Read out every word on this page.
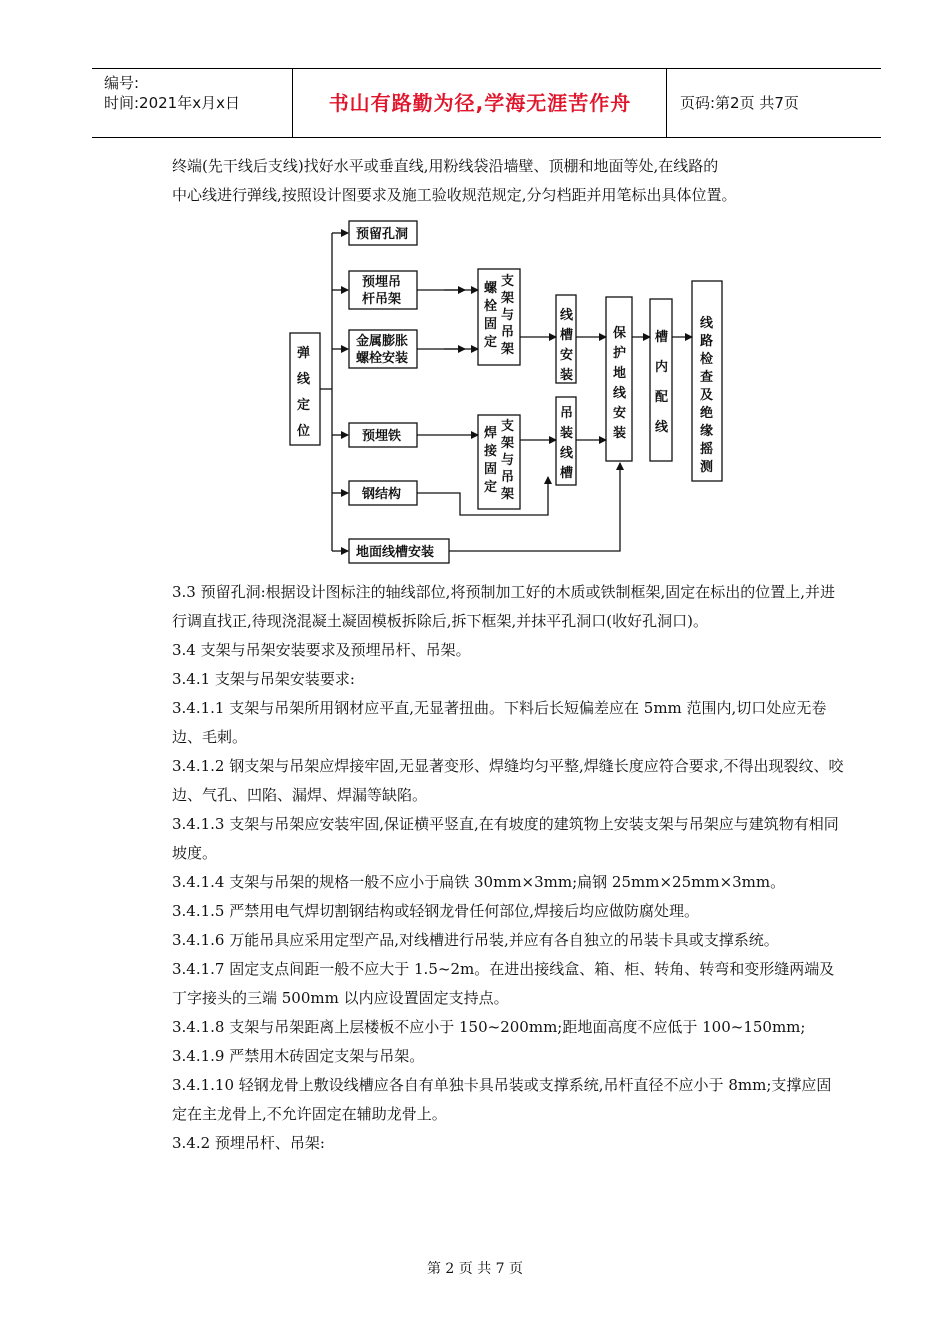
编号:
时间:2021年x月x日	书山有路勤为径,学海无涯苦作舟	页码:第2页 共7页

终端(先干线后支线)找好水平或垂直线,用粉线袋沿墙壁、顶棚和地面等处,在线路的

中心线进行弹线,按照设计图要求及施工验收规范规定,分匀档距并用笔标出具体位置。

弹
线
定
位
预留孔洞
预埋吊
杆吊架
金属膨胀
螺栓安装
预埋铁
钢结构
地面线槽安装
螺
栓
固
定
支
架
与
吊
架
焊
接
固
定
支
架
与
吊
架
线
槽
安
装
吊
装
线
槽
保
护
地
线
安
装
槽
内
配
线
线
路
检
查
及
绝
缘
摇
测

3.3 预留孔洞:根据设计图标注的轴线部位,将预制加工好的木质或铁制框架,固定在标出的位置上,并进行调直找正,待现浇混凝土凝固模板拆除后,拆下框架,并抹平孔洞口(收好孔洞口)。

3.4 支架与吊架安装要求及预埋吊杆、吊架。

3.4.1 支架与吊架安装要求:

3.4.1.1 支架与吊架所用钢材应平直,无显著扭曲。下料后长短偏差应在 5mm 范围内,切口处应无卷边、毛刺。

3.4.1.2 钢支架与吊架应焊接牢固,无显著变形、焊缝均匀平整,焊缝长度应符合要求,不得出现裂纹、咬边、气孔、凹陷、漏焊、焊漏等缺陷。

3.4.1.3 支架与吊架应安装牢固,保证横平竖直,在有坡度的建筑物上安装支架与吊架应与建筑物有相同坡度。

3.4.1.4 支架与吊架的规格一般不应小于扁铁 30mm×3mm;扁钢 25mm×25mm×3mm。

3.4.1.5 严禁用电气焊切割钢结构或轻钢龙骨任何部位,焊接后均应做防腐处理。

3.4.1.6 万能吊具应采用定型产品,对线槽进行吊装,并应有各自独立的吊装卡具或支撑系统。

3.4.1.7 固定支点间距一般不应大于 1.5~2m。在进出接线盒、箱、柜、转角、转弯和变形缝两端及丁字接头的三端 500mm 以内应设置固定支持点。

3.4.1.8 支架与吊架距离上层楼板不应小于 150~200mm;距地面高度不应低于 100~150mm;

3.4.1.9 严禁用木砖固定支架与吊架。

3.4.1.10 轻钢龙骨上敷设线槽应各自有单独卡具吊装或支撑系统,吊杆直径不应小于 8mm;支撑应固定在主龙骨上,不允许固定在辅助龙骨上。

3.4.2 预埋吊杆、吊架:

第 2 页 共 7 页
